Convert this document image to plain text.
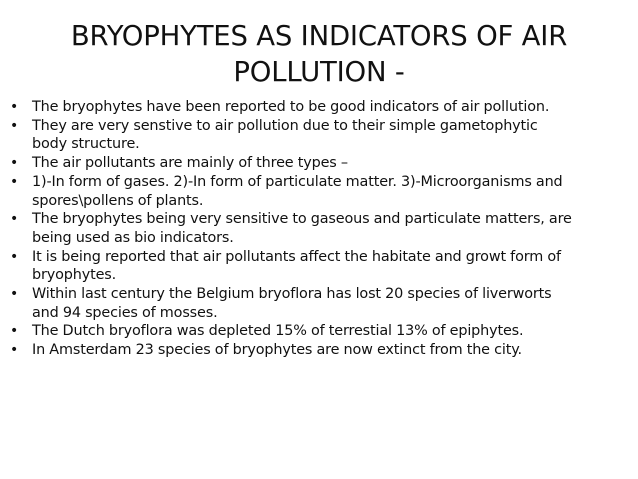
BRYOPHYTES AS INDICATORS OF AIR
POLLUTION -
• The bryophytes have been reported to be good indicators of air pollution.
• They are very senstive to air pollution due to their simple gametophytic
body structure.
• The air pollutants are mainly of three types –
• 1)-In form of gases. 2)-In form of particulate matter. 3)-Microorganisms and
spores\pollens of plants.
• The bryophytes being very sensitive to gaseous and particulate matters, are
being used as bio indicators.
• It is being reported that air pollutants affect the habitate and growt form of
bryophytes.
• Within last century the Belgium bryoflora has lost 20 species of liverworts
and 94 species of mosses.
• The Dutch bryoflora was depleted 15% of terrestial 13% of epiphytes.
• In Amsterdam 23 species of bryophytes are now extinct from the city.
